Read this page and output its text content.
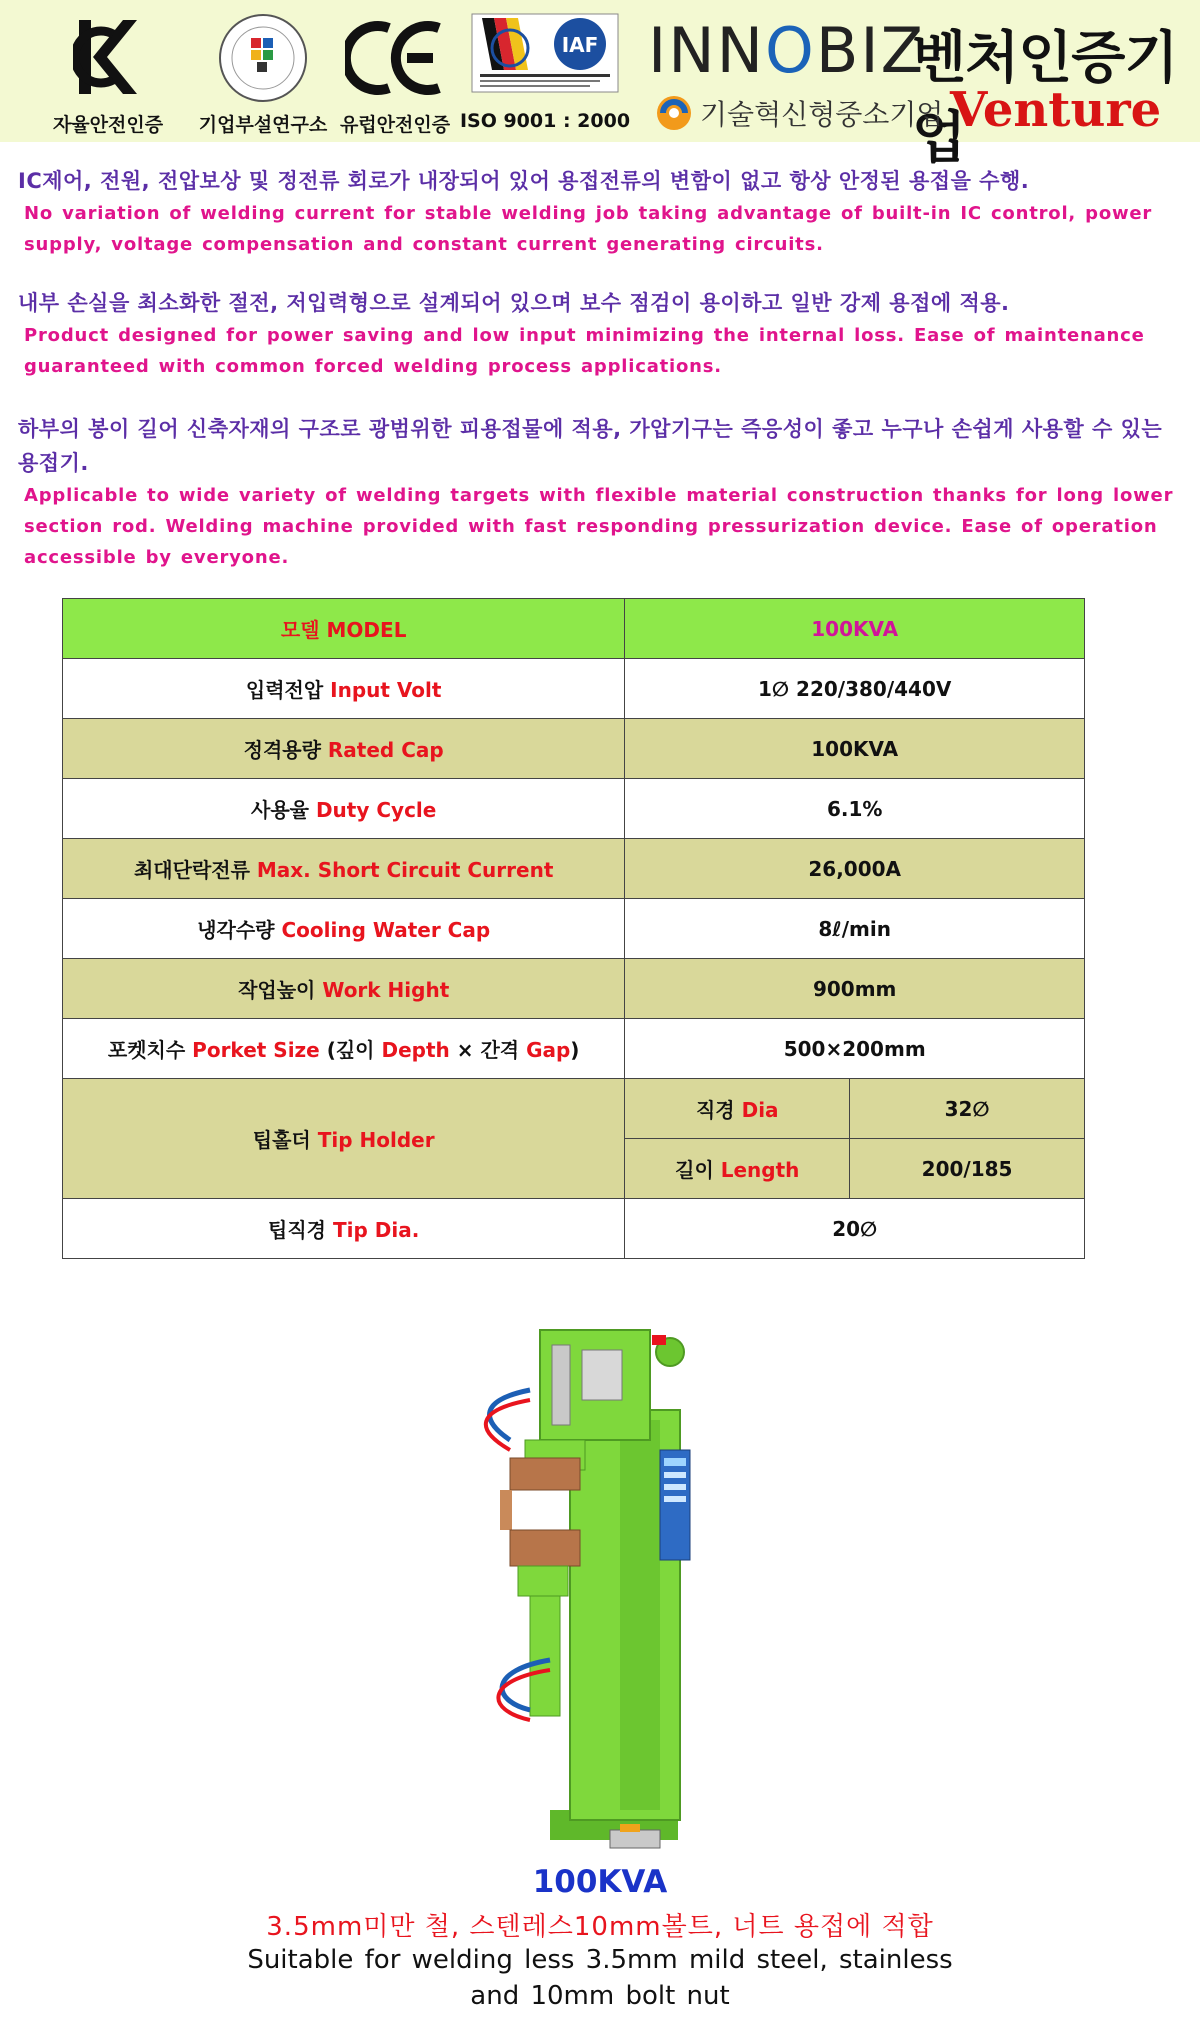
자율안전인증 기업부설연구소 유럽안전인증
IAF
ISO 9001 : 2000
INNOBIZ
벤처인증기업
기술혁신형중소기업 Venture

IC제어, 전원, 전압보상 및 정전류 회로가 내장되어 있어 용접전류의 변함이 없고 항상 안정된 용접을 수행.

No variation of welding current for stable welding job taking advantage of built-in IC control, power supply, voltage compensation and constant current generating circuits.

내부 손실을 최소화한 절전, 저입력형으로 설계되어 있으며 보수 점검이 용이하고 일반 강제 용접에 적용.

Product designed for power saving and low input minimizing the internal loss. Ease of maintenance guaranteed with common forced welding process applications.

하부의 봉이 길어 신축자재의 구조로 광범위한 피용접물에 적용, 가압기구는 즉응성이 좋고 누구나 손쉽게 사용할 수 있는 용접기.

Applicable to wide variety of welding targets with flexible material construction thanks for long lower section rod. Welding machine provided with fast responding pressurization device. Ease of operation accessible by everyone.

모델 MODEL	100KVA	
입력전압 Input Volt	1∅ 220/380/440V	
정격용량 Rated Cap	100KVA	
사용율 Duty Cycle	6.1%	
최대단락전류 Max. Short Circuit Current	26,000A	
냉각수량 Cooling Water Cap	8ℓ/min	
작업높이 Work Hight	900mm	
포켓치수 Porket Size (깊이 Depth × 간격 Gap)	500×200mm	
팁홀더 Tip Holder	직경 Dia	32∅
	길이 Length	200/185
팁직경 Tip Dia.	20∅	
100KVA
3.5mm미만 철, 스텐레스10mm볼트, 너트 용접에 적합
Suitable for welding less 3.5mm mild steel, stainless
and 10mm bolt nut
